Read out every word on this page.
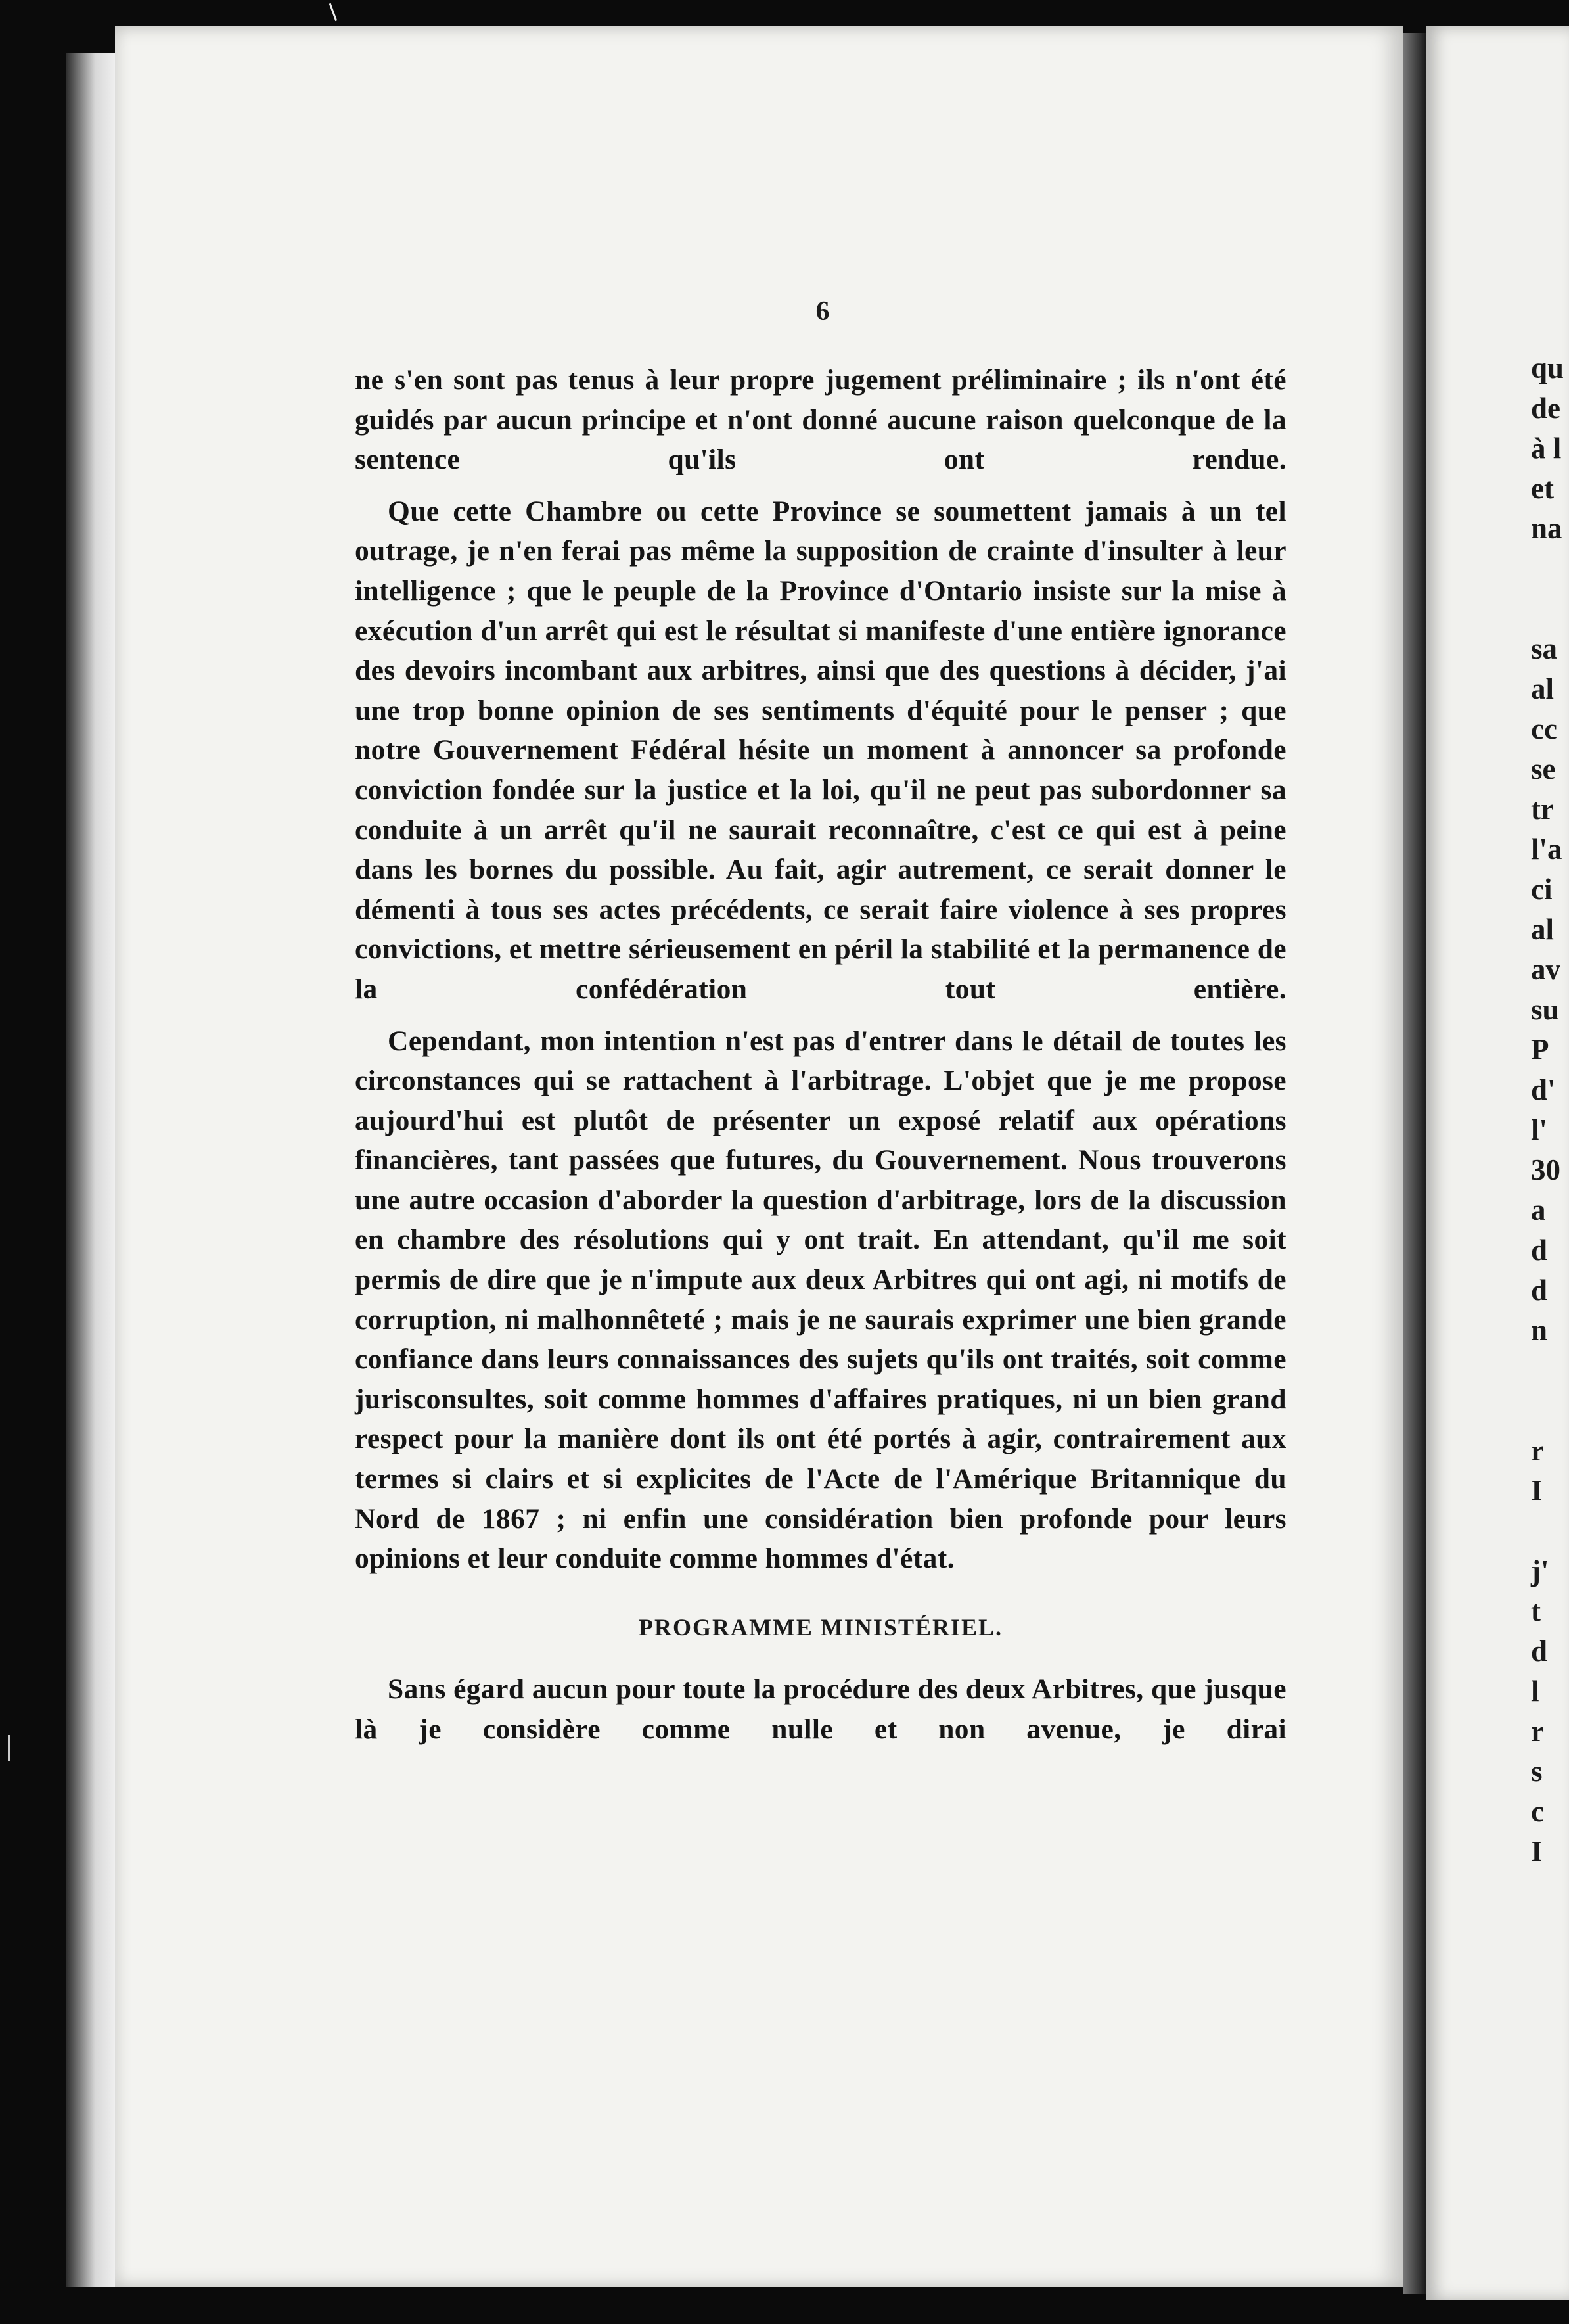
qu
de
à l
et
na
sa
al
cc
se
tr
l'a
ci
al
av
su
P
d'
l'
30
a
d
d
n
r
I
j'
t
d
l
r
s
c
I
6

ne s'en sont pas tenus à leur propre jugement préliminaire ; ils n'ont été guidés par aucun principe et n'ont donné aucune raison quelconque de la sentence qu'ils ont rendue.

Que cette Chambre ou cette Province se soumettent jamais à un tel outrage, je n'en ferai pas même la supposition de crainte d'insulter à leur intelligence ; que le peuple de la Province d'Ontario insiste sur la mise à exécution d'un arrêt qui est le résultat si manifeste d'une entière ignorance des devoirs incombant aux arbitres, ainsi que des questions à décider, j'ai une trop bonne opinion de ses sentiments d'équité pour le penser ; que notre Gouvernement Fédéral hésite un moment à annoncer sa profonde conviction fondée sur la justice et la loi, qu'il ne peut pas subordonner sa conduite à un arrêt qu'il ne saurait reconnaître, c'est ce qui est à peine dans les bornes du possible. Au fait, agir autrement, ce serait donner le démenti à tous ses actes précédents, ce serait faire violence à ses propres convictions, et mettre sérieusement en péril la stabilité et la permanence de la confédération tout entière.

Cependant, mon intention n'est pas d'entrer dans le détail de toutes les circonstances qui se rattachent à l'arbitrage. L'objet que je me propose aujourd'hui est plutôt de présenter un exposé relatif aux opérations financières, tant passées que futures, du Gouvernement. Nous trouverons une autre occasion d'aborder la question d'arbitrage, lors de la discussion en chambre des résolutions qui y ont trait. En attendant, qu'il me soit permis de dire que je n'impute aux deux Arbitres qui ont agi, ni motifs de corruption, ni malhonnêteté ; mais je ne saurais exprimer une bien grande confiance dans leurs connaissances des sujets qu'ils ont traités, soit comme jurisconsultes, soit comme hommes d'affaires pratiques, ni un bien grand respect pour la manière dont ils ont été portés à agir, contrairement aux termes si clairs et si explicites de l'Acte de l'Amérique Britannique du Nord de 1867 ; ni enfin une considération bien profonde pour leurs opinions et leur conduite comme hommes d'état.

PROGRAMME MINISTÉRIEL.

Sans égard aucun pour toute la procédure des deux Arbitres, que jusque là je considère comme nulle et non avenue, je dirai
